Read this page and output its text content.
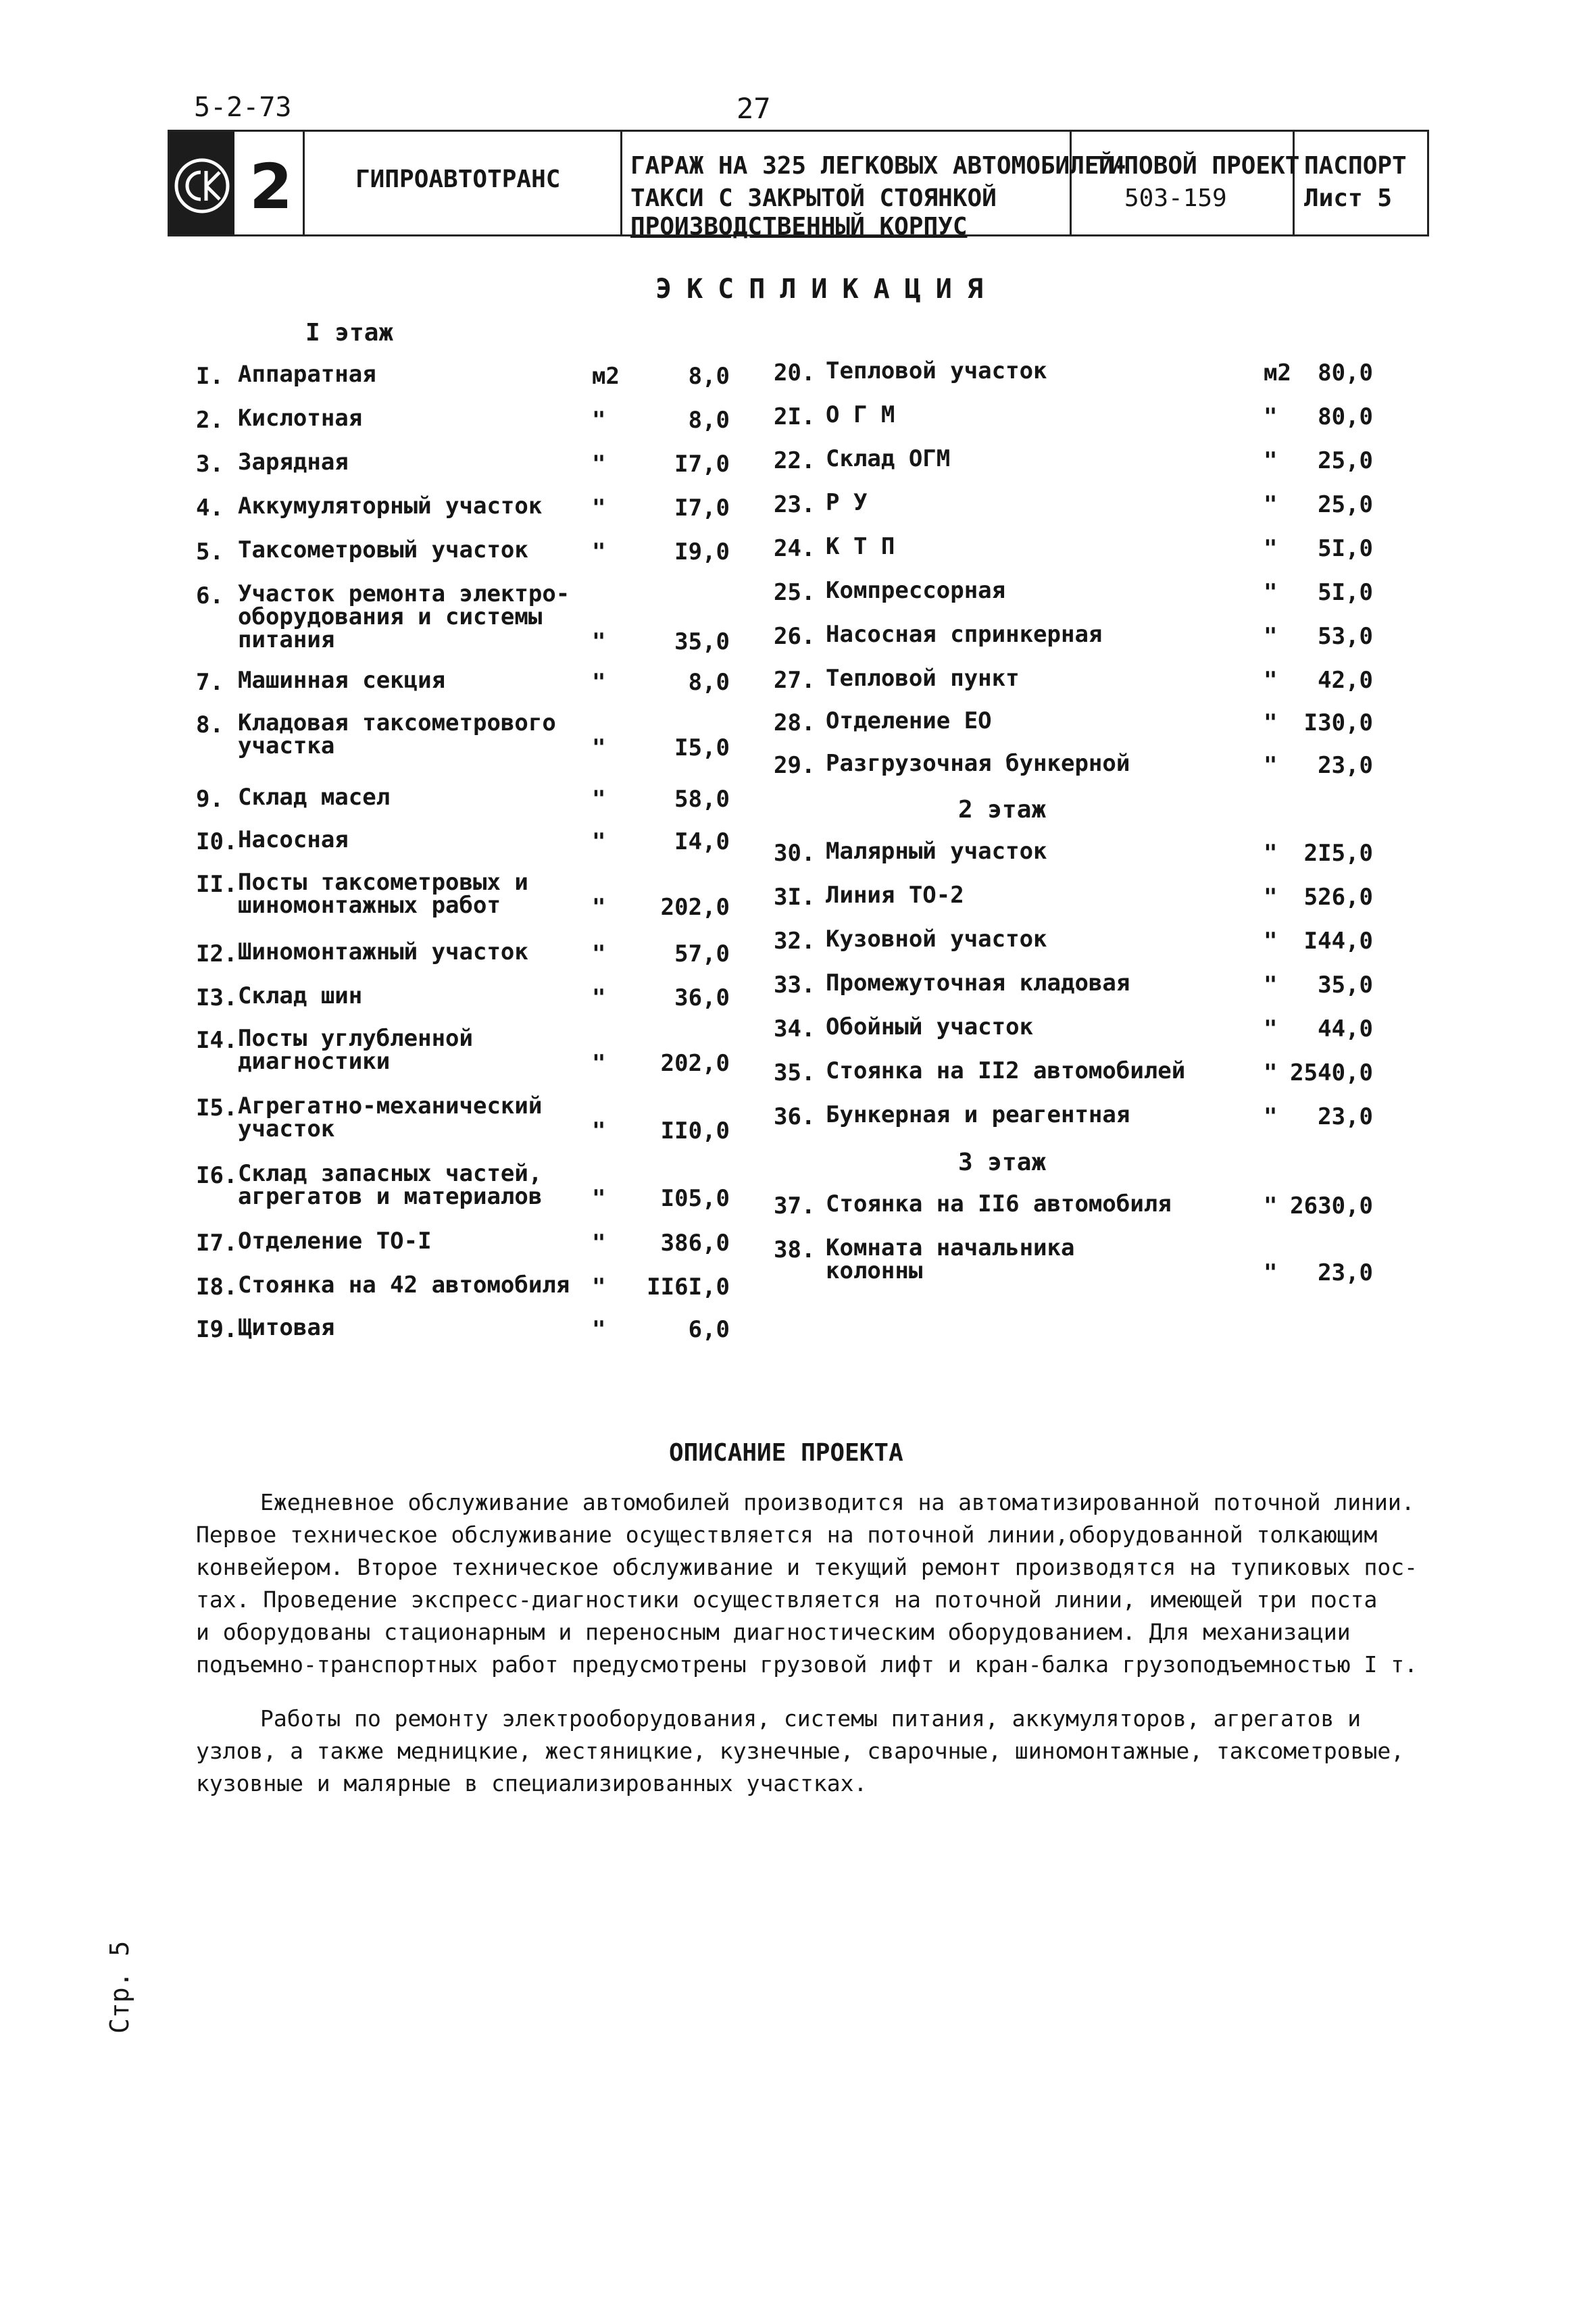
5-2-73	27
2	ГИПРОАВТОТРАНС	ГАРАЖ НА 325 ЛЕГКОВЫХ АВТОМОБИЛЕЙ-
ТАКСИ С ЗАКРЫТОЙ СТОЯНКОЙ
ПРОИЗВОДСТВЕННЫЙ КОРПУС
ТИПОВОЙ ПРОЕКТ
503-159
ПАСПОРТ
Лист 5
ЭКСПЛИКАЦИЯ
I этаж
I. Аппаратная	м2	8,0
2. Кислотная	"	8,0
3. Зарядная	"	I7,0
4. Аккумуляторный участок "	I7,0
5. Таксометровый участок	"	I9,0
6. Участок ремонта электро-
оборудования и системы
питания	"	35,0
7. Машинная секция	"	8,0
8. Кладовая таксометрового
участка	"	I5,0
9. Склад масел	"	58,0
I0. Насосная	"	I4,0
II. Посты таксометровых и
шиномонтажных работ	"	202,0
I2. Шиномонтажный участок	"	57,0
I3. Склад шин	"	36,0
I4. Посты углубленной
диагностики	"	202,0
I5. Агрегатно-механический
участок	"	II0,0
I6. Склад запасных частей,
агрегатов и материалов "	I05,0
I7. Отделение ТО-I	"	386,0
I8. Стоянка на 42 автомобиля "	II6I,0
I9. Щитовая	"	6,0
20. Тепловой участок	м2	80,0
2I. О Г М	"	80,0
22. Склад ОГМ	"	25,0
23. Р У	"	25,0
24. К Т П	"	5I,0
25. Компрессорная	"	5I,0
26. Насосная спринкерная	"	53,0
27. Тепловой пункт	"	42,0
28. Отделение ЕО	"	I30,0
29. Разгрузочная бункерной	"	23,0
30. Малярный участок	"	2I5,0
3I. Линия ТО-2	"	526,0
32. Кузовной участок	"	I44,0
33. Промежуточная кладовая	"	35,0
34. Обойный участок	"	44,0
35. Стоянка на II2 автомобилей	" 2540,0
36. Бункерная и реагентная	"	23,0
37. Стоянка на II6 автомобиля	" 2630,0
38. Комната начальника
колонны	"	23,0
2 этаж
3 этаж
ОПИСАНИЕ ПРОЕКТА
Ежедневное обслуживание автомобилей производится на автоматизированной поточной линии.
Первое техническое обслуживание осуществляется на поточной линии,оборудованной толкающим
конвейером. Второе техническое обслуживание и текущий ремонт производятся на тупиковых пос-
тах. Проведение экспресс-диагностики осуществляется на поточной линии, имеющей три поста
и оборудованы стационарным и переносным диагностическим оборудованием. Для механизации
подъемно-транспортных работ предусмотрены грузовой лифт и кран-балка грузоподъемностью I т.
Работы по ремонту электрооборудования, системы питания, аккумуляторов, агрегатов и
узлов, а также медницкие, жестяницкие, кузнечные, сварочные, шиномонтажные, таксометровые,
кузовные и малярные в специализированных участках.
Стр. 5
